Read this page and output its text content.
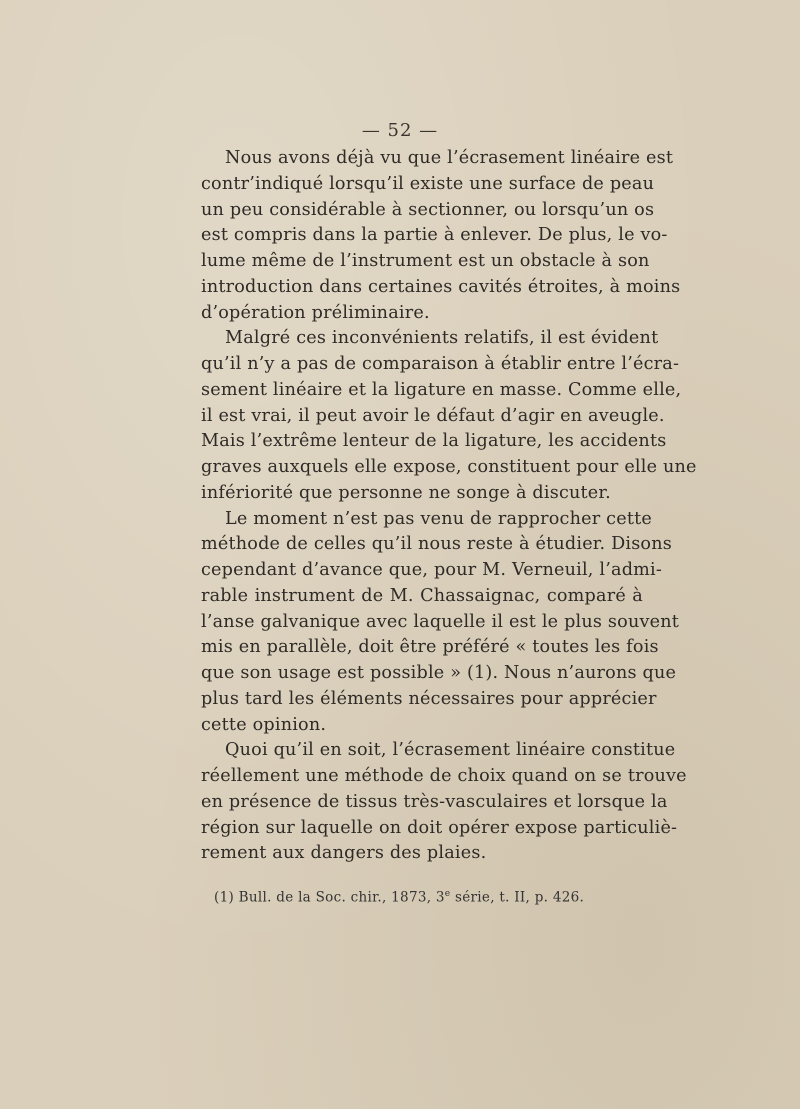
— 52 —
Nous avons déjà vu que l’écrasement linéaire est
contr’indiqué lorsqu’il existe une surface de peau
un peu considérable à sectionner, ou lorsqu’un os
est compris dans la partie à enlever. De plus, le vo-
lume même de l’instrument est un obstacle à son
introduction dans certaines cavités étroites, à moins
d’opération préliminaire.
Malgré ces inconvénients relatifs, il est évident
qu’il n’y a pas de comparaison à établir entre l’écra-
sement linéaire et la ligature en masse. Comme elle,
il est vrai, il peut avoir le défaut d’agir en aveugle.
Mais l’extrême lenteur de la ligature, les accidents
graves auxquels elle expose, constituent pour elle une
infériorité que personne ne songe à discuter.
Le moment n’est pas venu de rapprocher cette
méthode de celles qu’il nous reste à étudier. Disons
cependant d’avance que, pour M. Verneuil, l’admi-
rable instrument de M. Chassaignac, comparé à
l’anse galvanique avec laquelle il est le plus souvent
mis en parallèle, doit être préféré « toutes les fois
que son usage est possible » (1). Nous n’aurons que
plus tard les éléments nécessaires pour apprécier
cette opinion.
Quoi qu’il en soit, l’écrasement linéaire constitue
réellement une méthode de choix quand on se trouve
en présence de tissus très-vasculaires et lorsque la
région sur laquelle on doit opérer expose particuliè-
rement aux dangers des plaies.
(1) Bull. de la Soc. chir., 1873, 3e série, t. II, p. 426.
